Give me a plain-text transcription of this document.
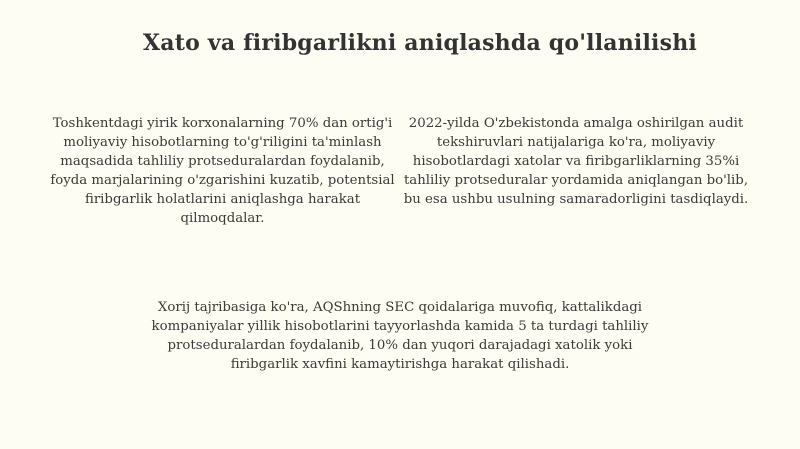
Xato va firibgarlikni aniqlashda qo'llanilishi

Toshkentdagi yirik korxonalarning 70% dan ortig'i moliyaviy hisobotlarning to'g'riligini ta'minlash maqsadida tahliliy protseduralardan foydalanib, foyda marjalarining o'zgarishini kuzatib, potentsial firibgarlik holatlarini aniqlashga harakat qilmoqdalar.

2022-yilda O'zbekistonda amalga oshirilgan audit tekshiruvlari natijalariga ko'ra, moliyaviy hisobotlardagi xatolar va firibgarliklarning 35%i tahliliy protseduralar yordamida aniqlangan bo'lib, bu esa ushbu usulning samaradorligini tasdiqlaydi.

Xorij tajribasiga ko'ra, AQShning SEC qoidalariga muvofiq, kattalikdagi kompaniyalar yillik hisobotlarini tayyorlashda kamida 5 ta turdagi tahliliy protseduralardan foydalanib, 10% dan yuqori darajadagi xatolik yoki firibgarlik xavfini kamaytirishga harakat qilishadi.
